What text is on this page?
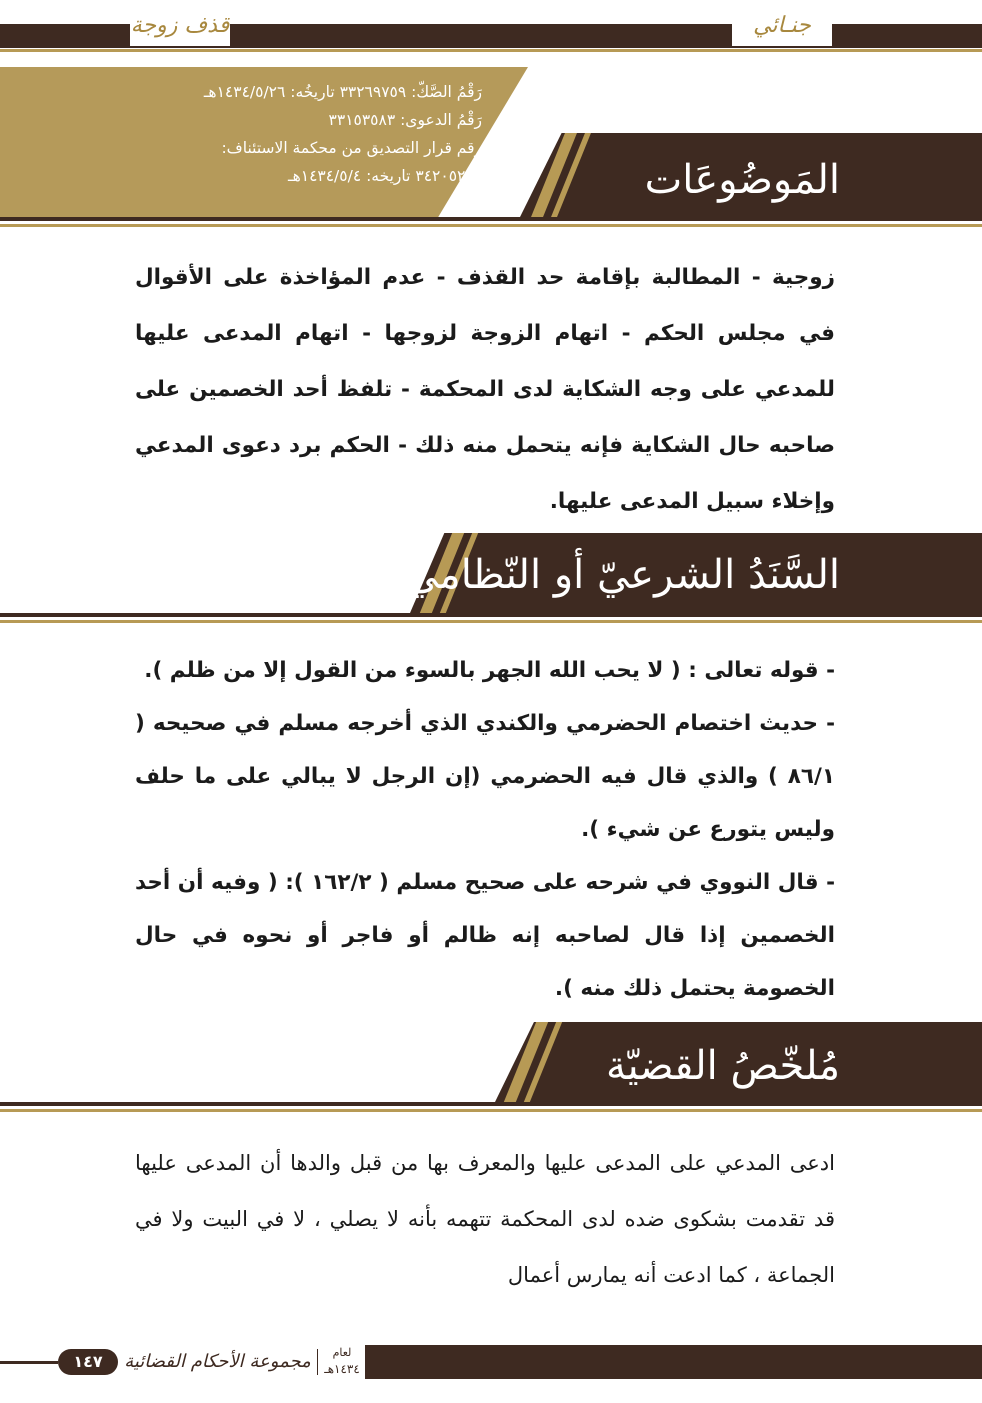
قذف زوجة	جنـائي
رَقْمُ الصَّكّ: ٣٣٢٦٩٧٥٩ تاريخُه: ١٤٣٤/٥/٢٦هـ
رَقْمُ الدعوى: ٣٣١٥٣٥٨٣
رقم قرار التصديق من محكمة الاستئناف:
٣٤٢٠٥٢٥٢ تاريخه: ١٤٣٤/٥/٤هـ	المَوضُوعَات
زوجية - المطالبة بإقامة حد القذف - عدم المؤاخذة على الأقوال في مجلس الحكم - اتهام الزوجة لزوجها - اتهام المدعى عليها للمدعي على وجه الشكاية لدى المحكمة - تلفظ أحد الخصمين على صاحبه حال الشكاية فإنه يتحمل منه ذلك - الحكم برد دعوى المدعي وإخلاء سبيل المدعى عليها.
السَّنَدُ الشرعيّ أو النّظاميّ

- قوله تعالى : ( لا يحب الله الجهر بالسوء من القول إلا من ظلم ).

- حديث اختصام الحضرمي والكندي الذي أخرجه مسلم في صحيحه ( ٨٦/١ ) والذي قال فيه الحضرمي (إن الرجل لا يبالي على ما حلف وليس يتورع عن شيء ).

- قال النووي في شرحه على صحيح مسلم ( ١٦٢/٢ ): ( وفيه أن أحد الخصمين إذا قال لصاحبه إنه ظالم أو فاجر أو نحوه في حال الخصومة يحتمل ذلك منه ).

مُلخّصُ القضيّة
ادعى المدعي على المدعى عليها والمعرف بها من قبل والدها أن المدعى عليها قد تقدمت بشكوى ضده لدى المحكمة تتهمه بأنه لا يصلي ، لا في البيت ولا في الجماعة ، كما ادعت أنه يمارس أعمال
لعام
١٤٣٤هـ
مجموعة الأحكام القضائية
١٤٧
